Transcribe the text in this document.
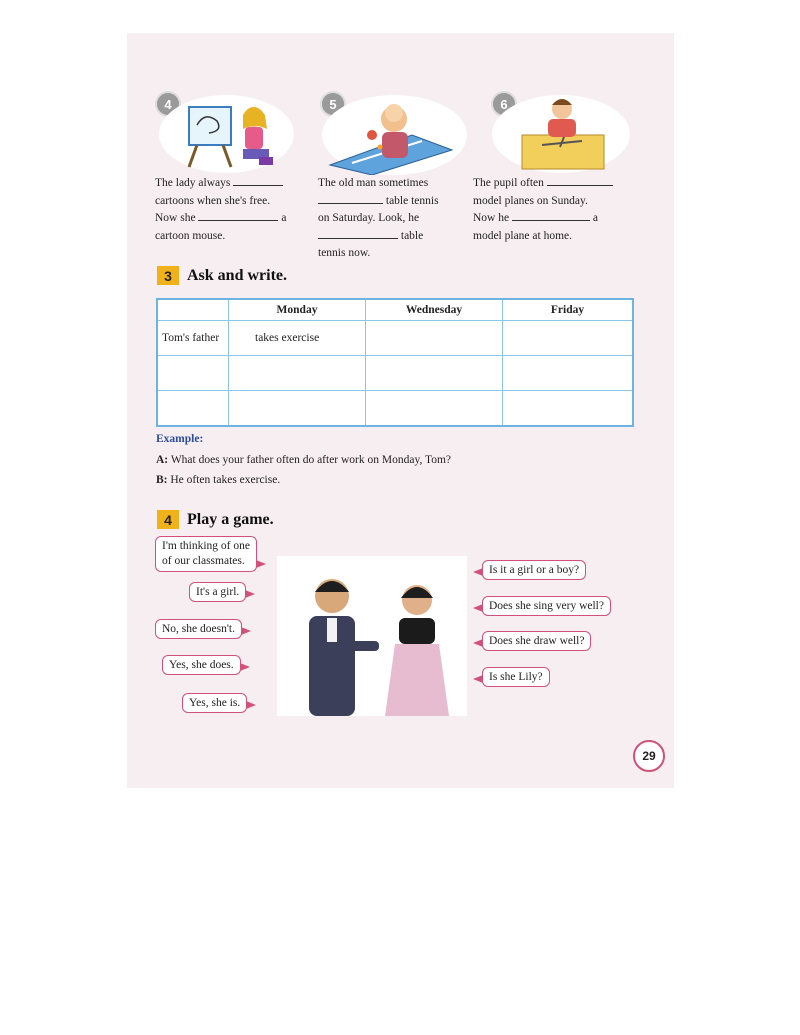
4
The lady always
cartoons when she's free.
Now she	a
cartoon mouse.
5
The old man sometimes
table tennis
on Saturday. Look, he
table
tennis now.
6
The pupil often
model planes on Sunday.
Now he	a
model plane at home.
3 Ask and write.
	Monday	Wednesday	Friday
Tom's father	takes exercise		

Example:
A: What does your father often do after work on Monday, Tom?
B: He often takes exercise.
4 Play a game.
I'm thinking of one
of our classmates.
It's a girl.
No, she doesn't.
Yes, she does.
Yes, she is.
Is it a girl or a boy?
Does she sing very well?
Does she draw well?
Is she Lily?
29
